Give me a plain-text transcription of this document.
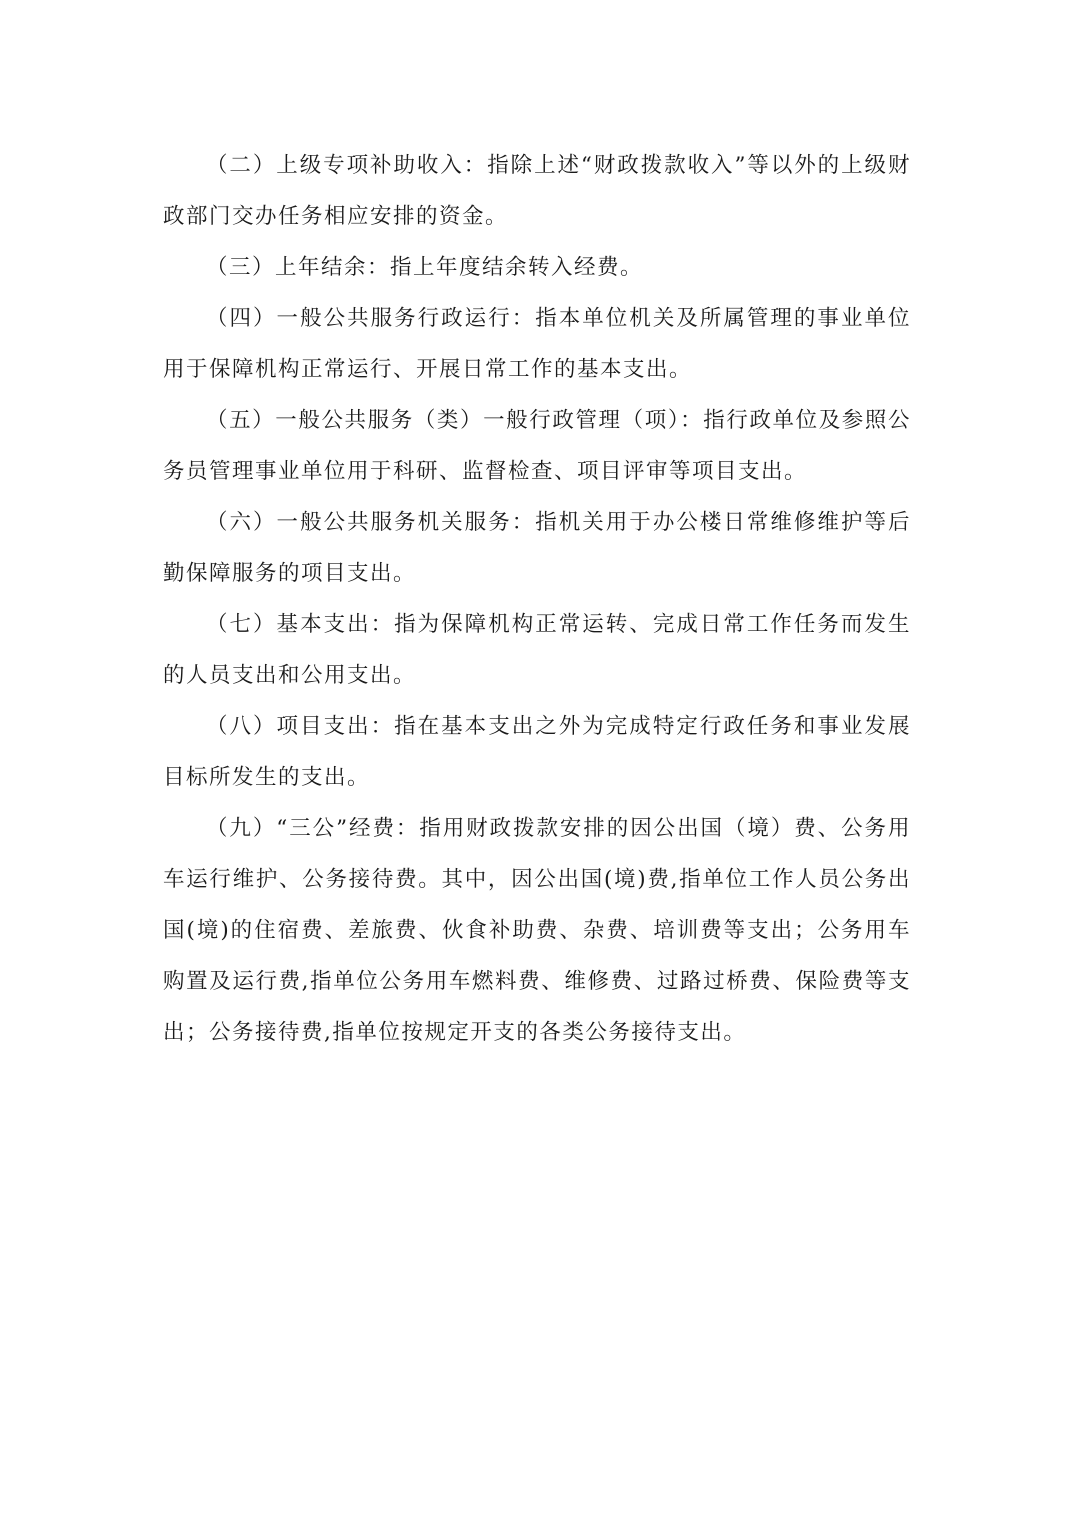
（二）上级专项补助收入：指除上述“财政拨款收入”等以外的上级财政部门交办任务相应安排的资金。

（三）上年结余：指上年度结余转入经费。

（四）一般公共服务行政运行：指本单位机关及所属管理的事业单位用于保障机构正常运行、开展日常工作的基本支出。

（五）一般公共服务（类）一般行政管理（项）：指行政单位及参照公务员管理事业单位用于科研、监督检查、项目评审等项目支出。

（六）一般公共服务机关服务：指机关用于办公楼日常维修维护等后勤保障服务的项目支出。

（七）基本支出：指为保障机构正常运转、完成日常工作任务而发生的人员支出和公用支出。

（八）项目支出：指在基本支出之外为完成特定行政任务和事业发展目标所发生的支出。

（九）“三公”经费：指用财政拨款安排的因公出国（境）费、公务用车运行维护、公务接待费。其中，因公出国(境)费,指单位工作人员公务出国(境)的住宿费、差旅费、伙食补助费、杂费、培训费等支出；公务用车购置及运行费,指单位公务用车燃料费、维修费、过路过桥费、保险费等支出；公务接待费,指单位按规定开支的各类公务接待支出。
